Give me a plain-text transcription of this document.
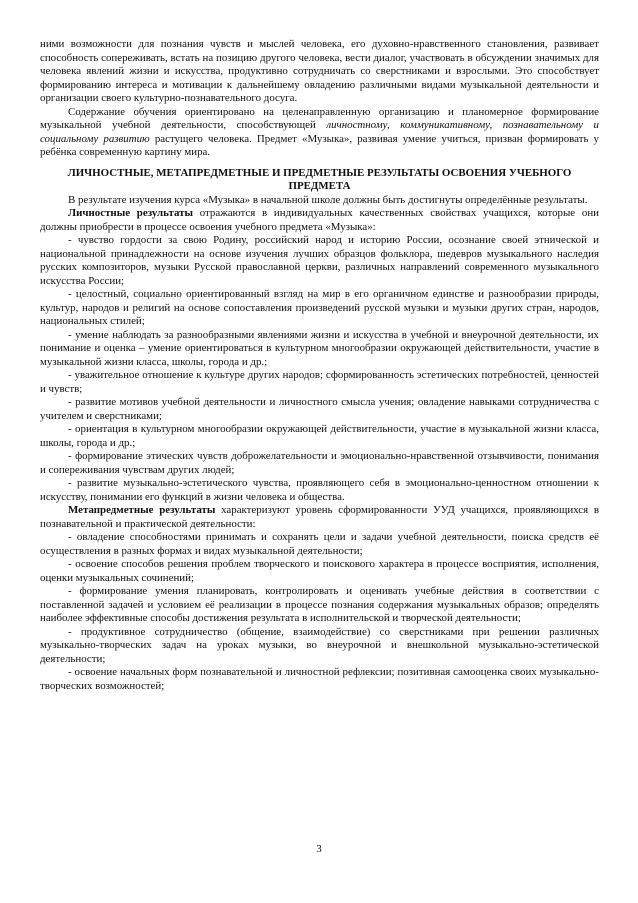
ними возможности для познания чувств и мыслей человека, его духовно-нравственного становления, развивает способность сопереживать, встать на позицию другого человека, вести диалог, участвовать в обсуждении значимых для человека явлений жизни и искусства, продуктивно сотрудничать со сверстниками и взрослыми. Это способствует формированию интереса и мотивации к дальнейшему овладению различными видами музыкальной деятельности и организации своего культурно-познавательного досуга.

Содержание обучения ориентировано на целенаправленную организацию и планомерное формирование музыкальной учебной деятельности, способствующей личностному, коммуникативному, познавательному и социальному развитию растущего человека. Предмет «Музыка», развивая умение учиться, призван формировать у ребёнка современную картину мира.

ЛИЧНОСТНЫЕ, МЕТАПРЕДМЕТНЫЕ И ПРЕДМЕТНЫЕ РЕЗУЛЬТАТЫ ОСВОЕНИЯ УЧЕБНОГО ПРЕДМЕТА

В результате изучения курса «Музыка» в начальной школе должны быть достигнуты определённые результаты.

Личностные результаты отражаются в индивидуальных качественных свойствах учащихся, которые они должны приобрести в процессе освоения учебного предмета «Музыка»:

- чувство гордости за свою Родину, российский народ и историю России, осознание своей этнической и национальной принадлежности на основе изучения лучших образцов фольклора, шедевров музыкального наследия русских композиторов, музыки Русской православной церкви, различных направлений современного музыкального искусства России;

- целостный, социально ориентированный взгляд на мир в его органичном единстве и разнообразии природы, культур, народов и религий на основе сопоставления произведений русской музыки и музыки других стран, народов, национальных стилей;

- умение наблюдать за разнообразными явлениями жизни и искусства в учебной и внеурочной деятельности, их понимание и оценка – умение ориентироваться в культурном многообразии окружающей действительности, участие в музыкальной жизни класса, школы, города и др.;

- уважительное отношение к культуре других народов; сформированность эстетических потребностей, ценностей и чувств;

- развитие мотивов учебной деятельности и личностного смысла учения; овладение навыками сотрудничества с учителем и сверстниками;

- ориентация в культурном многообразии окружающей действительности, участие в музыкальной жизни класса, школы, города и др.;

- формирование этических чувств доброжелательности и эмоционально-нравственной отзывчивости, понимания и сопереживания чувствам других людей;

- развитие музыкально-эстетического чувства, проявляющего себя в эмоционально-ценностном отношении к искусству, понимании его функций в жизни человека и общества.

Метапредметные результаты характеризуют уровень сформированности УУД учащихся, проявляющихся в познавательной и практической деятельности:

- овладение способностями принимать и сохранять цели и задачи учебной деятельности, поиска средств её осуществления в разных формах и видах музыкальной деятельности;

- освоение способов решения проблем творческого и поискового характера в процессе восприятия, исполнения, оценки музыкальных сочинений;

- формирование умения планировать, контролировать и оценивать учебные действия в соответствии с поставленной задачей и условием её реализации в процессе познания содержания музыкальных образов; определять наиболее эффективные способы достижения результата в исполнительской и творческой деятельности;

- продуктивное сотрудничество (общение, взаимодействие) со сверстниками при решении различных музыкально-творческих задач на уроках музыки, во внеурочной и внешкольной музыкально-эстетической деятельности;

- освоение начальных форм познавательной и личностной рефлексии; позитивная самооценка своих музыкально-творческих возможностей;

3
